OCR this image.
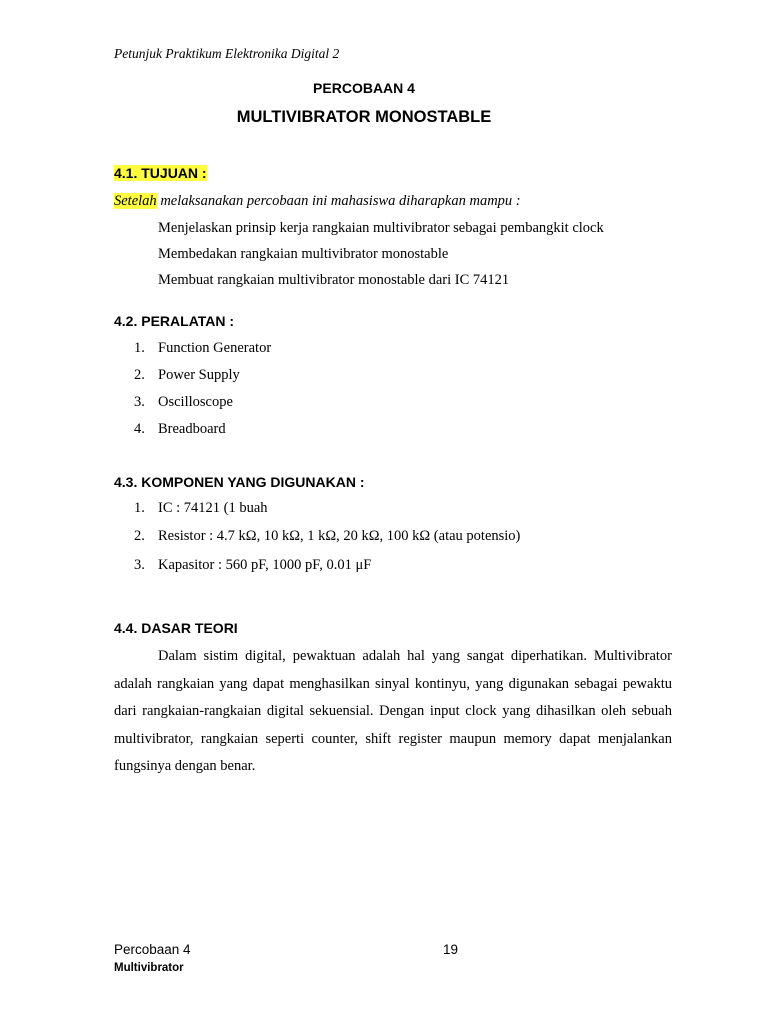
Petunjuk Praktikum Elektronika Digital 2
PERCOBAAN 4
MULTIVIBRATOR MONOSTABLE
4.1. TUJUAN :
Setelah melaksanakan percobaan ini mahasiswa diharapkan mampu :
Menjelaskan prinsip kerja rangkaian multivibrator sebagai pembangkit clock
Membedakan rangkaian multivibrator monostable
Membuat rangkaian multivibrator monostable dari IC 74121
4.2. PERALATAN :
1. Function Generator
2. Power Supply
3. Oscilloscope
4. Breadboard
4.3. KOMPONEN YANG DIGUNAKAN :
1. IC : 74121 (1 buah
2. Resistor : 4.7 kΩ, 10 kΩ, 1 kΩ, 20 kΩ, 100 kΩ (atau potensio)
3. Kapasitor : 560 pF, 1000 pF, 0.01 μF
4.4. DASAR TEORI

Dalam sistim digital, pewaktuan adalah hal yang sangat diperhatikan. Multivibrator adalah rangkaian yang dapat menghasilkan sinyal kontinyu, yang digunakan sebagai pewaktu dari rangkaian-rangkaian digital sekuensial. Dengan input clock yang dihasilkan oleh sebuah multivibrator, rangkaian seperti counter, shift register maupun memory dapat menjalankan fungsinya dengan benar.

Percobaan 4
Multivibrator
19
